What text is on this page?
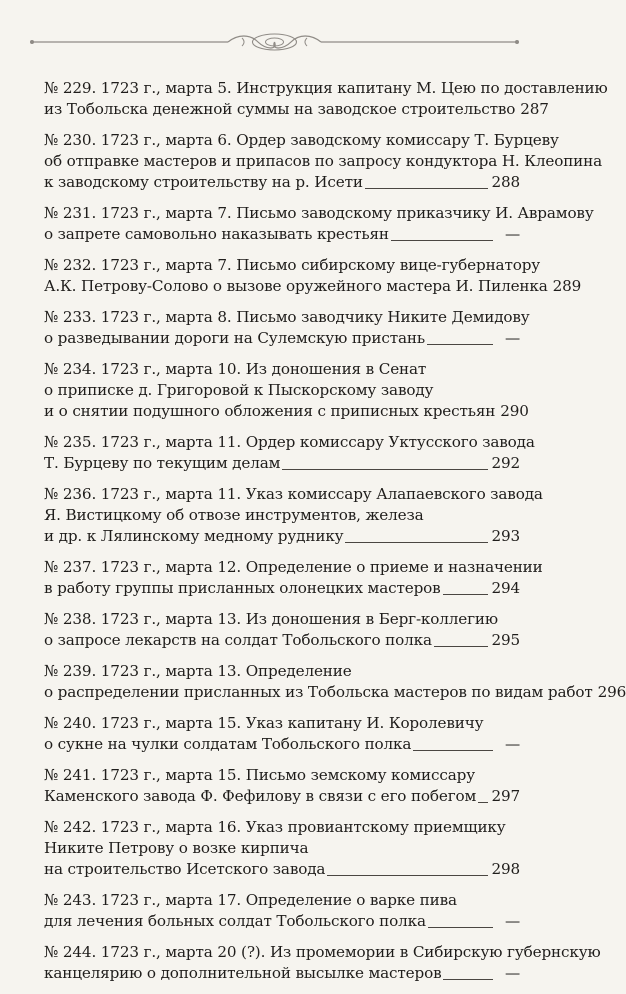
№ 229. 1723 г., марта 5. Инструкция капитану М. Цею по доставлению
из Тобольска денежной суммы на заводское строительство 287
№ 230. 1723 г., марта 6. Ордер заводскому комиссару Т. Бурцеву
об отправке мастеров и припасов по запросу кондуктора Н. Клеопина
к заводскому строительству на р. Исети	288
№ 231. 1723 г., марта 7. Письмо заводскому приказчику И. Аврамову
о запрете самовольно наказывать крестьян	—
№ 232. 1723 г., марта 7. Письмо сибирскому вице-губернатору
А.К. Петрову-Солово о вызове оружейного мастера И. Пиленка 289
№ 233. 1723 г., марта 8. Письмо заводчику Никите Демидову
о разведывании дороги на Сулемскую пристань	—
№ 234. 1723 г., марта 10. Из доношения в Сенат
о приписке д. Григоровой к Пыскорскому заводу
и о снятии подушного обложения с приписных крестьян 290
№ 235. 1723 г., марта 11. Ордер комиссару Уктусского завода
Т. Бурцеву по текущим делам	292
№ 236. 1723 г., марта 11. Указ комиссару Алапаевского завода
Я. Вистицкому об отвозе инструментов, железа
и др. к Лялинскому медному руднику	293
№ 237. 1723 г., марта 12. Определение о приеме и назначении
в работу группы присланных олонецких мастеров	294
№ 238. 1723 г., марта 13. Из доношения в Берг-коллегию
о запросе лекарств на солдат Тобольского полка	295
№ 239. 1723 г., марта 13. Определение
о распределении присланных из Тобольска мастеров по видам работ 296
№ 240. 1723 г., марта 15. Указ капитану И. Королевичу
о сукне на чулки солдатам Тобольского полка	—
№ 241. 1723 г., марта 15. Письмо земскому комиссару
Каменского завода Ф. Фефилову в связи с его побегом 297
№ 242. 1723 г., марта 16. Указ провиантскому приемщику
Никите Петрову о возке кирпича
на строительство Исетского завода	298
№ 243. 1723 г., марта 17. Определение о варке пива
для лечения больных солдат Тобольского полка	—
№ 244. 1723 г., марта 20 (?). Из промемории в Сибирскую губернскую
канцелярию о дополнительной высылке мастеров	—
